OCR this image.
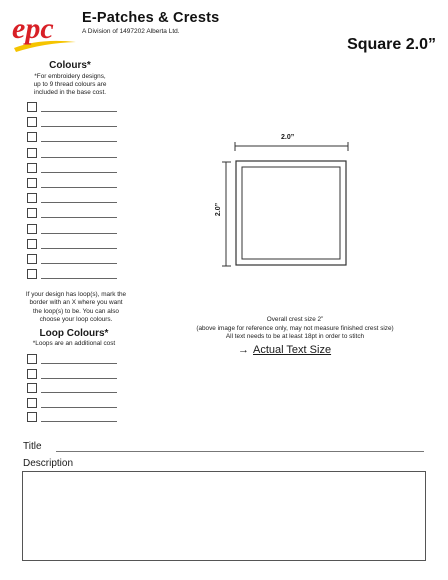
epc E-Patches & Crests
A Division of 1497202 Alberta Ltd.
Square 2.0”
Colours*
*For embroidery designs,
up to 9 thread colours are
included in the base cost.
If your design has loop(s), mark the
border with an X where you want
the loop(s) to be. You can also
choose your loop colours.
Loop Colours*
*Loops are an additional cost
2.0”
2.0”
Overall crest size 2”
(above image for reference only, may not measure finished crest size)
All text needs to be at least 18pt in order to stitch
→ Actual Text Size
Title
Description
